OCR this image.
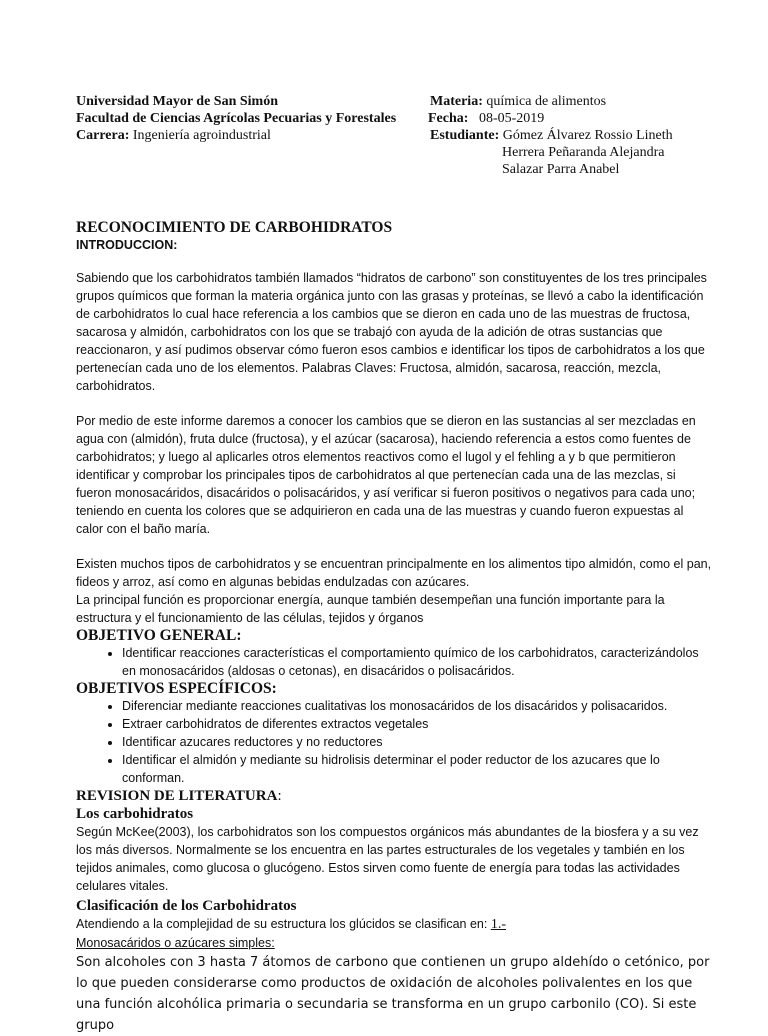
Universidad Mayor de San Simón
Facultad de Ciencias Agrícolas Pecuarias y Forestales
Carrera: Ingeniería agroindustrial
Materia: química de alimentos
Fecha: 08-05-2019
Estudiante: Gómez Álvarez Rossio Lineth
Herrera Peñaranda Alejandra
Salazar Parra Anabel

RECONOCIMIENTO DE CARBOHIDRATOS

INTRODUCCION:

Sabiendo que los carbohidratos también llamados “hidratos de carbono” son constituyentes de los tres principales grupos químicos que forman la materia orgánica junto con las grasas y proteínas, se llevó a cabo la identificación de carbohidratos lo cual hace referencia a los cambios que se dieron en cada uno de las muestras de fructosa, sacarosa y almidón, carbohidratos con los que se trabajó con ayuda de la adición de otras sustancias que reaccionaron, y así pudimos observar cómo fueron esos cambios e identificar los tipos de carbohidratos a los que pertenecían cada uno de los elementos. Palabras Claves: Fructosa, almidón, sacarosa, reacción, mezcla, carbohidratos.

Por medio de este informe daremos a conocer los cambios que se dieron en las sustancias al ser mezcladas en agua con (almidón), fruta dulce (fructosa), y el azúcar (sacarosa), haciendo referencia a estos como fuentes de carbohidratos; y luego al aplicarles otros elementos reactivos como el lugol y el fehling a y b que permitieron identificar y comprobar los principales tipos de carbohidratos al que pertenecían cada una de las mezclas, si fueron monosacáridos, disacáridos o polisacáridos, y así verificar si fueron positivos o negativos para cada uno; teniendo en cuenta los colores que se adquirieron en cada una de las muestras y cuando fueron expuestas al calor con el baño maría.

Existen muchos tipos de carbohidratos y se encuentran principalmente en los alimentos tipo almidón, como el pan, fideos y arroz, así como en algunas bebidas endulzadas con azúcares.

La principal función es proporcionar energía, aunque también desempeñan una función importante para la estructura y el funcionamiento de las células, tejidos y órganos

OBJETIVO GENERAL:

• Identificar reacciones características el comportamiento químico de los carbohidratos, caracterizándolos en monosacáridos (aldosas o cetonas), en disacáridos o polisacáridos.

OBJETIVOS ESPECÍFICOS:

• Diferenciar mediante reacciones cualitativas los monosacáridos de los disacáridos y polisacaridos.
• Extraer carbohidratos de diferentes extractos vegetales
• Identificar azucares reductores y no reductores
• Identificar el almidón y mediante su hidrolisis determinar el poder reductor de los azucares que lo conforman.

REVISION DE LITERATURA:

Los carbohidratos

Según McKee(2003), los carbohidratos son los compuestos orgánicos más abundantes de la biosfera y a su vez los más diversos. Normalmente se los encuentra en las partes estructurales de los vegetales y también en los tejidos animales, como glucosa o glucógeno. Estos sirven como fuente de energía para todas las actividades celulares vitales.

Clasificación de los Carbohidratos

Atendiendo a la complejidad de su estructura los glúcidos se clasifican en: 1.-

Monosacáridos o azúcares simples:

Son alcoholes con 3 hasta 7 átomos de carbono que contienen un grupo aldehído o cetónico, por lo que pueden considerarse como productos de oxidación de alcoholes polivalentes en los que una función alcohólica primaria o secundaria se transforma en un grupo carbonilo (CO). Si este grupo
